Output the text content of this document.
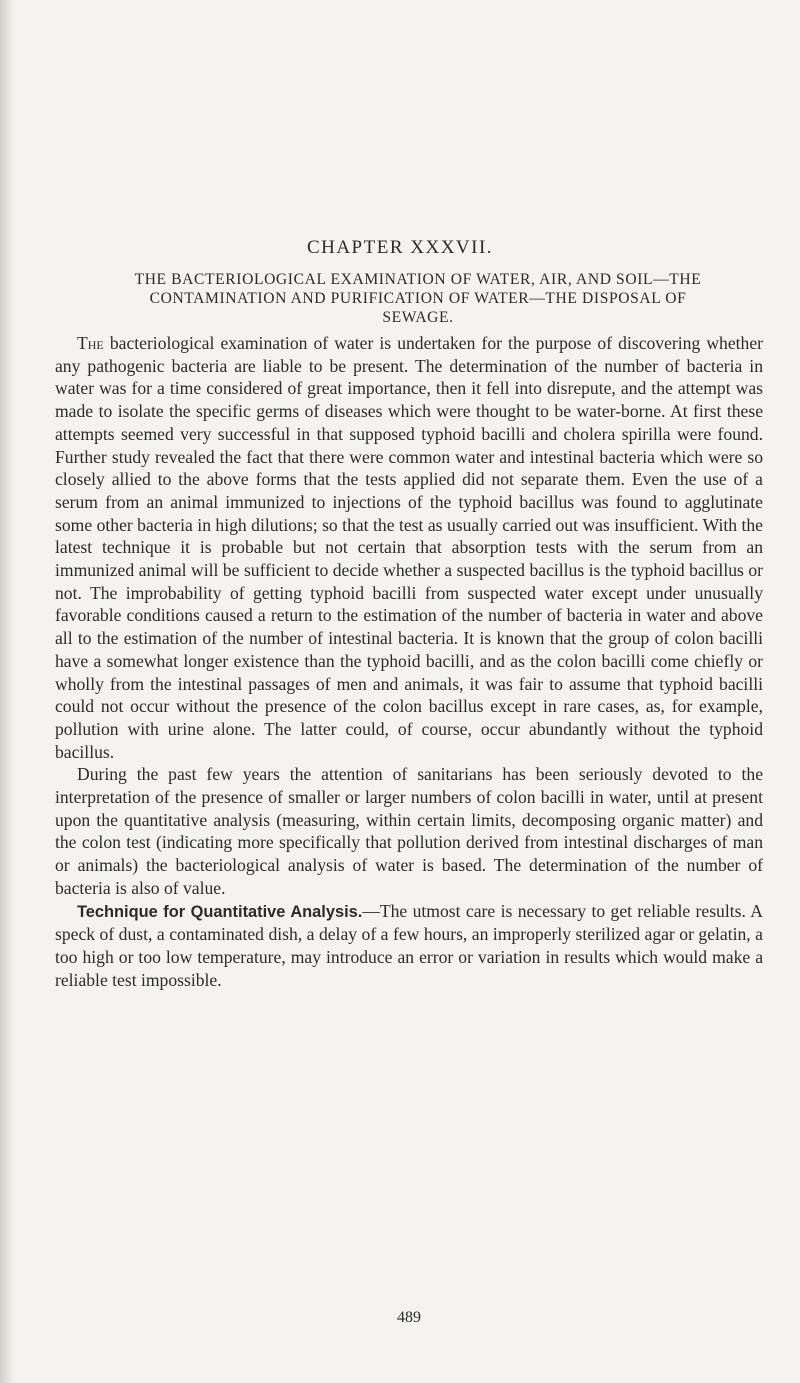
CHAPTER XXXVII.
THE BACTERIOLOGICAL EXAMINATION OF WATER, AIR, AND SOIL—THE CONTAMINATION AND PURIFICATION OF WATER—THE DISPOSAL OF SEWAGE.

The bacteriological examination of water is undertaken for the purpose of discovering whether any pathogenic bacteria are liable to be present. The determination of the number of bacteria in water was for a time considered of great importance, then it fell into disrepute, and the attempt was made to isolate the specific germs of diseases which were thought to be water-borne. At first these attempts seemed very successful in that supposed typhoid bacilli and cholera spirilla were found. Further study revealed the fact that there were common water and intestinal bacteria which were so closely allied to the above forms that the tests applied did not separate them. Even the use of a serum from an animal immunized to injections of the typhoid bacillus was found to agglutinate some other bacteria in high dilutions; so that the test as usually carried out was insufficient. With the latest technique it is probable but not certain that absorption tests with the serum from an immunized animal will be sufficient to decide whether a suspected bacillus is the typhoid bacillus or not. The improbability of getting typhoid bacilli from suspected water except under unusually favorable conditions caused a return to the estimation of the number of bacteria in water and above all to the estimation of the number of intestinal bacteria. It is known that the group of colon bacilli have a somewhat longer existence than the typhoid bacilli, and as the colon bacilli come chiefly or wholly from the intestinal passages of men and animals, it was fair to assume that typhoid bacilli could not occur without the presence of the colon bacillus except in rare cases, as, for example, pollution with urine alone. The latter could, of course, occur abundantly without the typhoid bacillus.

During the past few years the attention of sanitarians has been seriously devoted to the interpretation of the presence of smaller or larger numbers of colon bacilli in water, until at present upon the quantitative analysis (measuring, within certain limits, decomposing organic matter) and the colon test (indicating more specifically that pollution derived from intestinal discharges of man or animals) the bacteriological analysis of water is based. The determination of the number of bacteria is also of value.

Technique for Quantitative Analysis.—The utmost care is necessary to get reliable results. A speck of dust, a contaminated dish, a delay of a few hours, an improperly sterilized agar or gelatin, a too high or too low temperature, may introduce an error or variation in results which would make a reliable test impossible.

489
